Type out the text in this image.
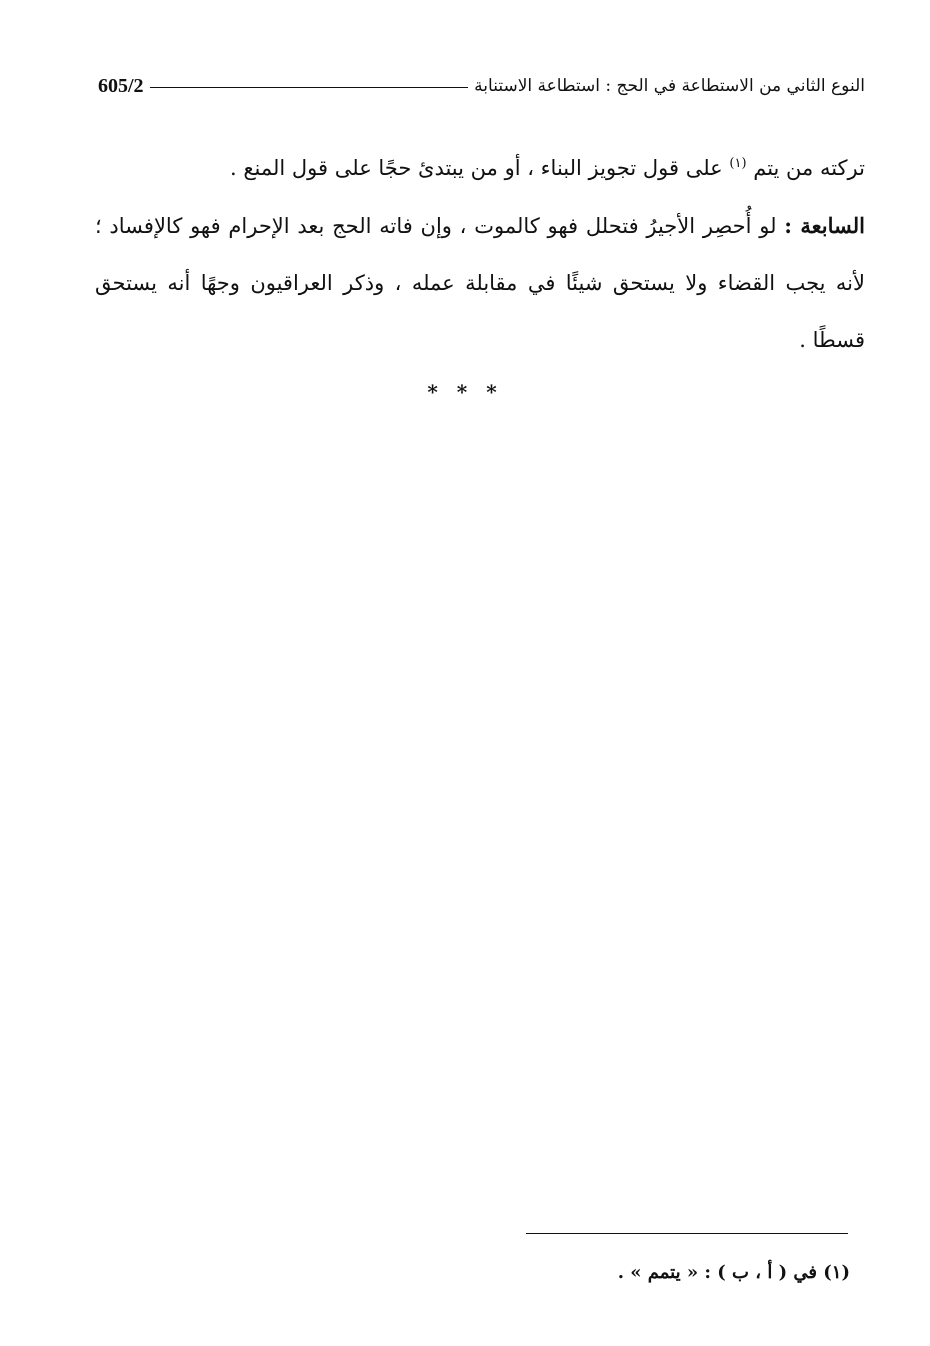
605/2	النوع الثاني من الاستطاعة في الحج : استطاعة الاستنابة

تركته من يتم $^{(١)}$ على قول تجويز البناء ، أو من يبتدئ حجًا على قول المنع .

السابعة : لو أُحصِر الأجيرُ فتحلل فهو كالموت ، وإن فاته الحج بعد الإحرام فهو كالإفساد ؛ لأنه يجب القضاء ولا يستحق شيئًا في مقابلة عمله ، وذكر العراقيون وجهًا أنه يستحق قسطًا .

* * *
(١) في ( أ ، ب ) : « يتمم » .
